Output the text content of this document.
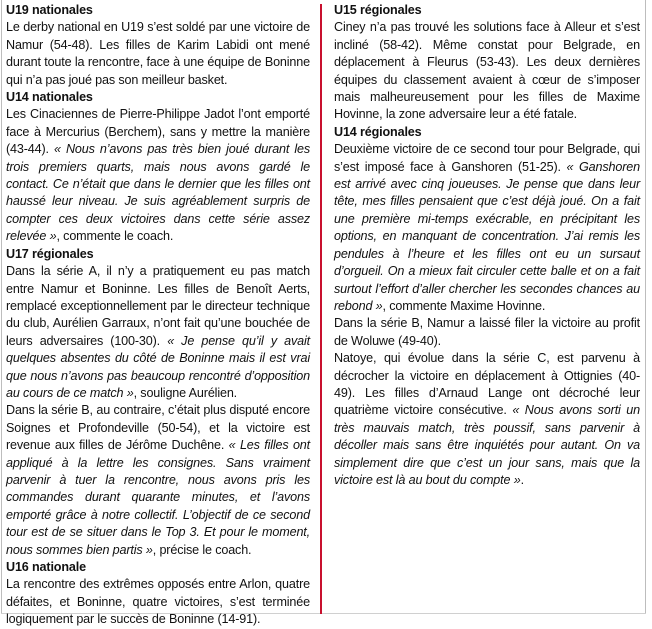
U19 nationales

Le derby national en U19 s’est soldé par une victoire de Namur (54-48). Les filles de Karim Labidi ont mené durant toute la rencontre, face à une équipe de Boninne qui n’a pas joué pas son meilleur basket.

U14 nationales

Les Cinaciennes de Pierre-Philippe Jadot l’ont emporté face à Mercurius (Berchem), sans y mettre la manière (43-44). « Nous n’avons pas très bien joué durant les trois premiers quarts, mais nous avons gardé le contact. Ce n’était que dans le dernier que les filles ont haussé leur niveau. Je suis agréablement surpris de compter ces deux victoires dans cette série assez relevée », commente le coach.

U17 régionales

Dans la série A, il n’y a pratiquement eu pas match entre Namur et Boninne. Les filles de Benoît Aerts, remplacé exceptionnellement par le directeur technique du club, Aurélien Garraux, n’ont fait qu’une bouchée de leurs adversaires (100-30). « Je pense qu’il y avait quelques absentes du côté de Boninne mais il est vrai que nous n’avons pas beaucoup rencontré d’opposition au cours de ce match », souligne Aurélien.

Dans la série B, au contraire, c’était plus disputé encore Soignes et Profondeville (50-54), et la victoire est revenue aux filles de Jérôme Duchêne. « Les filles ont appliqué à la lettre les consignes. Sans vraiment parvenir à tuer la rencontre, nous avons pris les commandes durant quarante minutes, et l’avons emporté grâce à notre collectif. L’objectif de ce second tour est de se situer dans le Top 3. Et pour le moment, nous sommes bien partis », précise le coach.

U16 nationale

La rencontre des extrêmes opposés entre Arlon, quatre défaites, et Boninne, quatre victoires, s’est terminée logiquement par le succès de Boninne (14-91).

U15 régionales

Ciney n’a pas trouvé les solutions face à Alleur et s’est incliné (58-42). Même constat pour Belgrade, en déplacement à Fleurus (53-43). Les deux dernières équipes du classement avaient à cœur de s’imposer mais malheureusement pour les filles de Maxime Hovinne, la zone adversaire leur a été fatale.

U14 régionales

Deuxième victoire de ce second tour pour Belgrade, qui s’est imposé face à Ganshoren (51-25). « Ganshoren est arrivé avec cinq joueuses. Je pense que dans leur tête, mes filles pensaient que c’est déjà joué. On a fait une première mi-temps exécrable, en précipitant les options, en manquant de concentration. J’ai remis les pendules à l’heure et les filles ont eu un sursaut d’orgueil. On a mieux fait circuler cette balle et on a fait surtout l’effort d’aller chercher les secondes chances au rebond », commente Maxime Hovinne.

Dans la série B, Namur a laissé filer la victoire au profit de Woluwe (49-40).

Natoye, qui évolue dans la série C, est parvenu à décrocher la victoire en déplacement à Ottignies (40-49). Les filles d’Arnaud Lange ont décroché leur quatrième victoire consécutive. « Nous avons sorti un très mauvais match, très poussif, sans parvenir à décoller mais sans être inquiétés pour autant. On va simplement dire que c’est un jour sans, mais que la victoire est là au bout du compte ».
